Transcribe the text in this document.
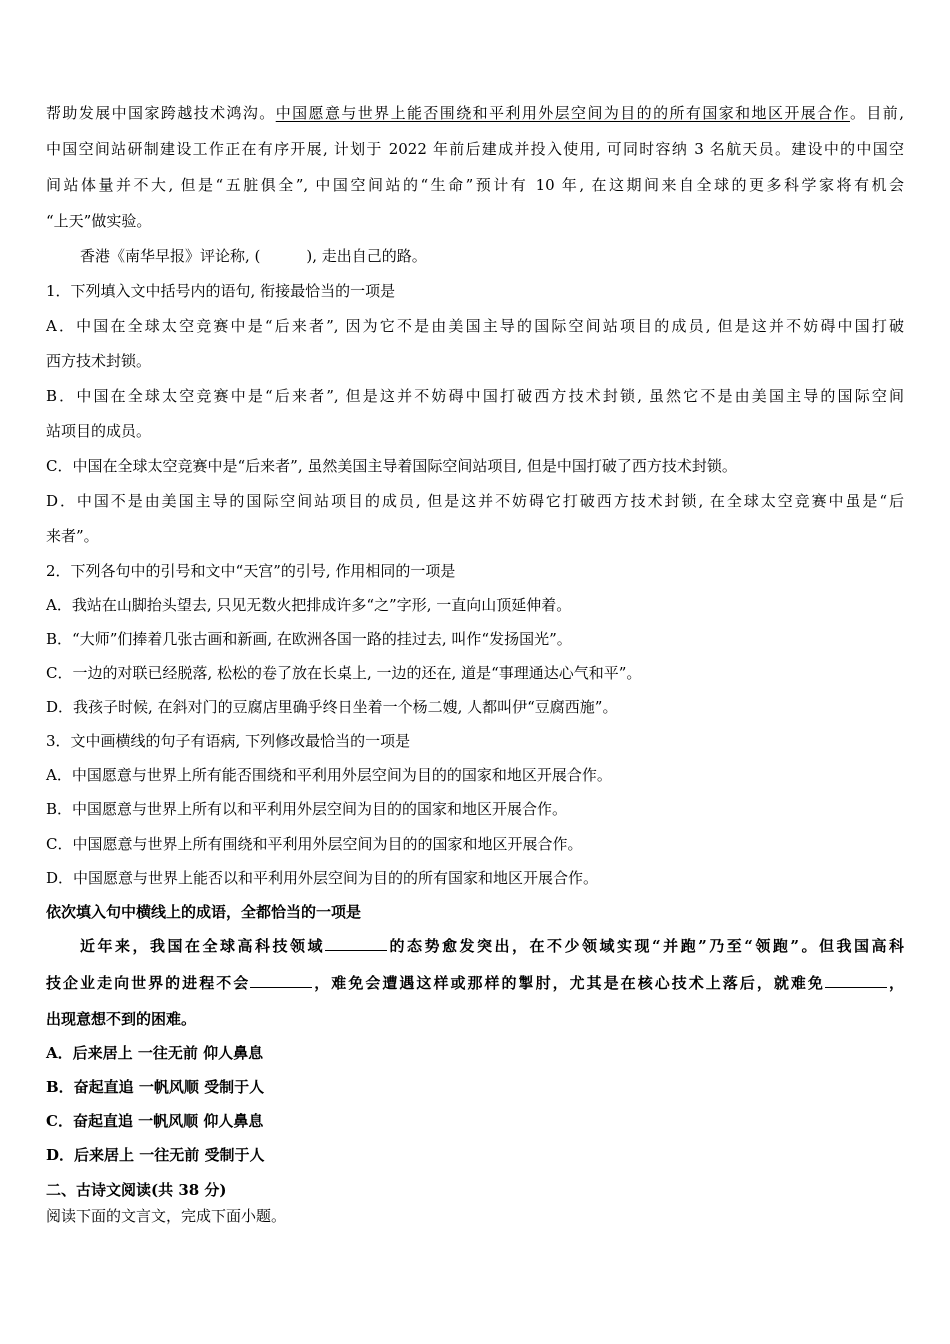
帮助发展中国家跨越技术鸿沟。中国愿意与世界上能否围绕和平利用外层空间为目的的所有国家和地区开展合作。目前,
中国空间站研制建设工作正在有序开展, 计划于 2022 年前后建成并投入使用, 可同时容纳 3 名航天员。建设中的中国空
间站体量并不大, 但是“五脏俱全”, 中国空间站的“生命”预计有 10 年, 在这期间来自全球的更多科学家将有机会
“上天”做实验。
香港《南华早报》评论称, (	), 走出自己的路。
1．下列填入文中括号内的语句, 衔接最恰当的一项是
A．中国在全球太空竞赛中是“后来者”, 因为它不是由美国主导的国际空间站项目的成员, 但是这并不妨碍中国打破
西方技术封锁。
B．中国在全球太空竞赛中是“后来者”, 但是这并不妨碍中国打破西方技术封锁, 虽然它不是由美国主导的国际空间
站项目的成员。
C．中国在全球太空竞赛中是“后来者”, 虽然美国主导着国际空间站项目, 但是中国打破了西方技术封锁。
D．中国不是由美国主导的国际空间站项目的成员, 但是这并不妨碍它打破西方技术封锁, 在全球太空竞赛中虽是“后
来者”。
2．下列各句中的引号和文中“天宫”的引号, 作用相同的一项是
A．我站在山脚抬头望去, 只见无数火把排成许多“之”字形, 一直向山顶延伸着。
B．“大师”们捧着几张古画和新画, 在欧洲各国一路的挂过去, 叫作“发扬国光”。
C．一边的对联已经脱落, 松松的卷了放在长桌上, 一边的还在, 道是“事理通达心气和平”。
D．我孩子时候, 在斜对门的豆腐店里确乎终日坐着一个杨二嫂, 人都叫伊“豆腐西施”。
3．文中画横线的句子有语病, 下列修改最恰当的一项是
A．中国愿意与世界上所有能否围绕和平利用外层空间为目的的国家和地区开展合作。
B．中国愿意与世界上所有以和平利用外层空间为目的的国家和地区开展合作。
C．中国愿意与世界上所有围绕和平利用外层空间为目的的国家和地区开展合作。
D．中国愿意与世界上能否以和平利用外层空间为目的的所有国家和地区开展合作。
依次填入句中横线上的成语，全都恰当的一项是
近年来，我国在全球高科技领域	的态势愈发突出，在不少领域实现“并跑”乃至“领跑”。但我国高科
技企业走向世界的进程不会	，难免会遭遇这样或那样的掣肘，尤其是在核心技术上落后，就难免	，
出现意想不到的困难。
A．后来居上 一往无前 仰人鼻息
B．奋起直追 一帆风顺 受制于人
C．奋起直追 一帆风顺 仰人鼻息
D．后来居上 一往无前 受制于人
二、古诗文阅读(共 38 分)
阅读下面的文言文，完成下面小题。
